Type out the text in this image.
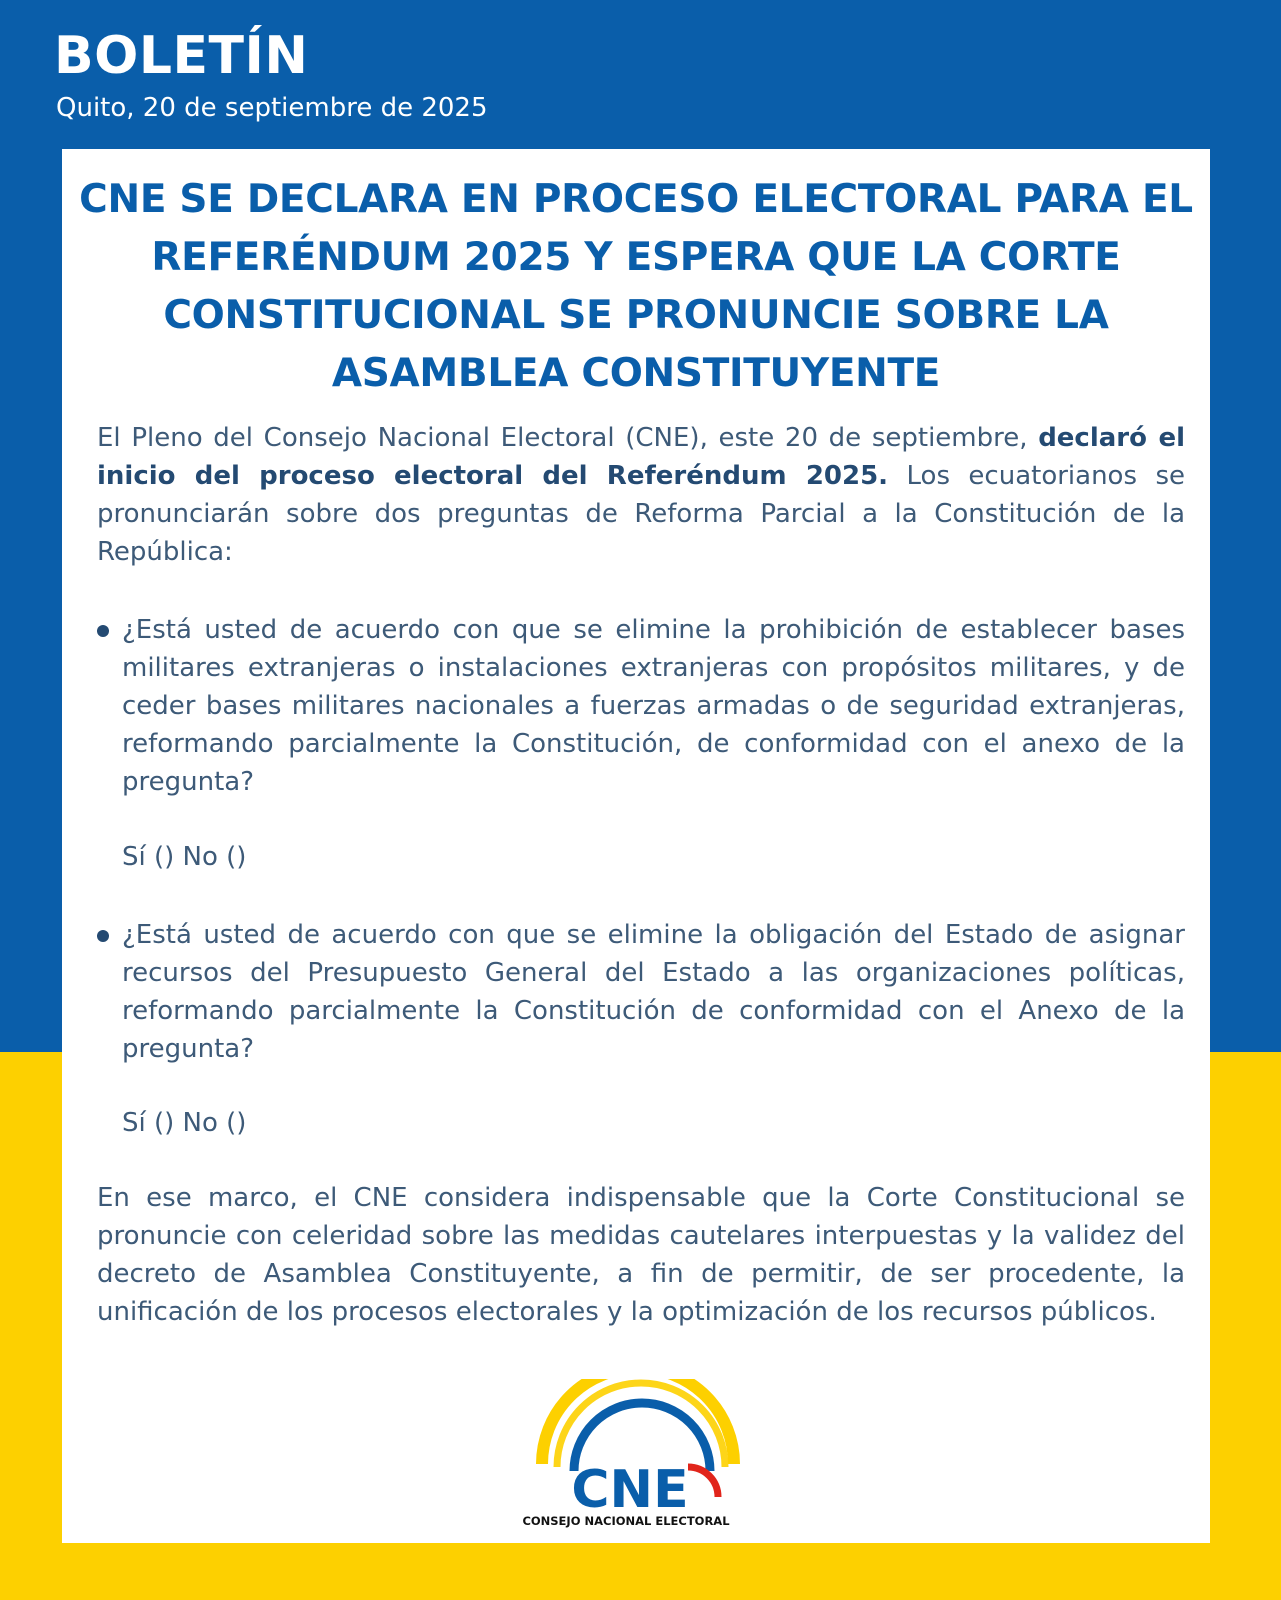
BOLETÍN
Quito, 20 de septiembre de 2025
CNE SE DECLARA EN PROCESO ELECTORAL PARA EL
REFERÉNDUM 2025 Y ESPERA QUE LA CORTE
CONSTITUCIONAL SE PRONUNCIE SOBRE LA
ASAMBLEA CONSTITUYENTE
El Pleno del Consejo Nacional Electoral (CNE), este 20 de septiembre, declaró el inicio del proceso electoral del Referéndum 2025. Los ecuatorianos se pronunciarán sobre dos preguntas de Reforma Parcial a la Constitución de la República:
¿Está usted de acuerdo con que se elimine la prohibición de establecer bases militares extranjeras o instalaciones extranjeras con propósitos militares, y de ceder bases militares nacionales a fuerzas armadas o de seguridad extranjeras, reformando parcialmente la Constitución, de conformidad con el anexo de la pregunta?
Sí () No ()
¿Está usted de acuerdo con que se elimine la obligación del Estado de asignar recursos del Presupuesto General del Estado a las organizaciones políticas, reformando parcialmente la Constitución de conformidad con el Anexo de la pregunta?
Sí () No ()
En ese marco, el CNE considera indispensable que la Corte Constitucional se pronuncie con celeridad sobre las medidas cautelares interpuestas y la validez del decreto de Asamblea Constituyente, a fin de permitir, de ser procedente, la unificación de los procesos electorales y la optimización de los recursos públicos.
CNE
CONSEJO NACIONAL ELECTORAL
